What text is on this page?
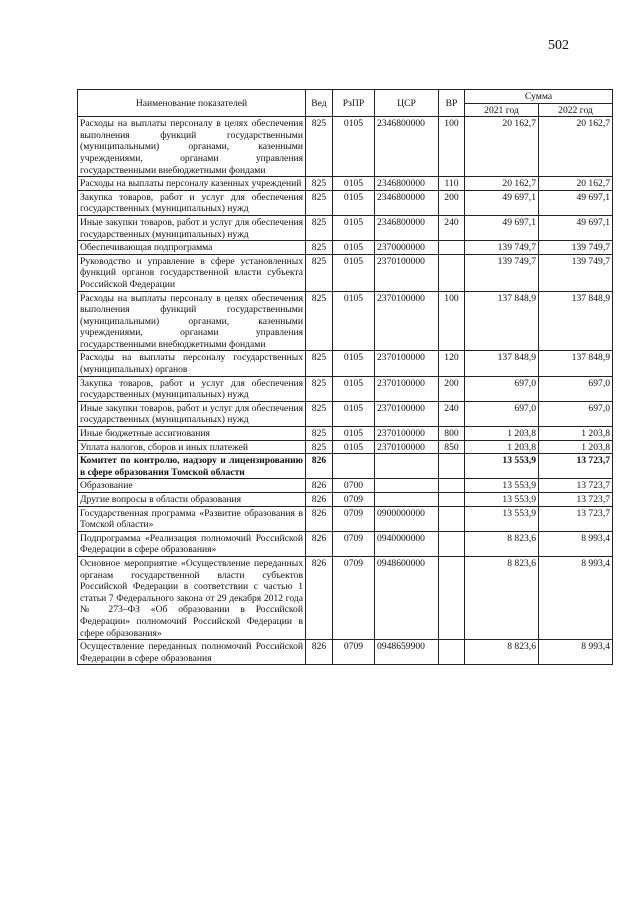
502
Наименование показателей	Вед	РзПР	ЦСР	ВР	Сумма	
					2021 год	2022 год
Расходы на выплаты персоналу в целях обеспечения выполнения функций государственными (муниципальными) органами, казенными учреждениями, органами управления государственными внебюджетными фондами	825	0105	2346800000	100	20 162,7	20 162,7
Расходы на выплаты персоналу казенных учреждений	825	0105	2346800000	110	20 162,7	20 162,7
Закупка товаров, работ и услуг для обеспечения государственных (муниципальных) нужд	825	0105	2346800000	200	49 697,1	49 697,1
Иные закупки товаров, работ и услуг для обеспечения государственных (муниципальных) нужд	825	0105	2346800000	240	49 697,1	49 697,1
Обеспечивающая подпрограмма	825	0105	2370000000		139 749,7	139 749,7
Руководство и управление в сфере установленных функций органов государственной власти субъекта Российской Федерации	825	0105	2370100000		139 749,7	139 749,7
Расходы на выплаты персоналу в целях обеспечения выполнения функций государственными (муниципальными) органами, казенными учреждениями, органами управления государственными внебюджетными фондами	825	0105	2370100000	100	137 848,9	137 848,9
Расходы на выплаты персоналу государственных (муниципальных) органов	825	0105	2370100000	120	137 848,9	137 848,9
Закупка товаров, работ и услуг для обеспечения государственных (муниципальных) нужд	825	0105	2370100000	200	697,0	697,0
Иные закупки товаров, работ и услуг для обеспечения государственных (муниципальных) нужд	825	0105	2370100000	240	697,0	697,0
Иные бюджетные ассигнования	825	0105	2370100000	800	1 203,8	1 203,8
Уплата налогов, сборов и иных платежей	825	0105	2370100000	850	1 203,8	1 203,8
Комитет по контролю, надзору и лицензированию в сфере образования Томской области	826				13 553,9	13 723,7
Образование	826	0700			13 553,9	13 723,7
Другие вопросы в области образования	826	0709			13 553,9	13 723,7
Государственная программа «Развитие образования в Томской области»	826	0709	0900000000		13 553,9	13 723,7
Подпрограмма «Реализация полномочий Российской Федерации в сфере образования»	826	0709	0940000000		8 823,6	8 993,4
Основное мероприятие «Осуществление переданных органам государственной власти субъектов Российской Федерации в соответствии с частью 1 статьи 7 Федерального закона от 29 декабря 2012 года № 273–ФЗ «Об образовании в Российской Федерации» полномочий Российской Федерации в сфере образования»	826	0709	0948600000		8 823,6	8 993,4
Осуществление переданных полномочий Российской Федерации в сфере образования	826	0709	0948659900		8 823,6	8 993,4
